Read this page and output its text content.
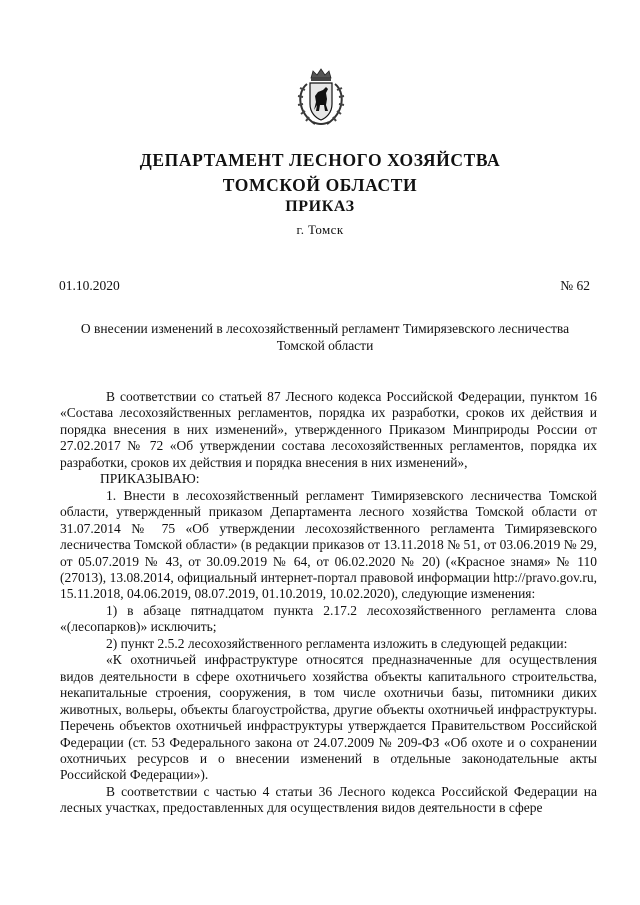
ДЕПАРТАМЕНТ ЛЕСНОГО ХОЗЯЙСТВА
ТОМСКОЙ ОБЛАСТИ
ПРИКАЗ
г. Томск
01.10.2020	№ 62
О внесении изменений в лесохозяйственный регламент Тимирязевского лесничества Томской области

В соответствии со статьей 87 Лесного кодекса Российской Федерации, пунктом 16 «Состава лесохозяйственных регламентов, порядка их разработки, сроков их действия и порядка внесения в них изменений», утвержденного Приказом Минприроды России от 27.02.2017 № 72 «Об утверждении состава лесохозяйственных регламентов, порядка их разработки, сроков их действия и порядка внесения в них изменений»,

ПРИКАЗЫВАЮ:

1. Внести в лесохозяйственный регламент Тимирязевского лесничества Томской области, утвержденный приказом Департамента лесного хозяйства Томской области от 31.07.2014 № 75 «Об утверждении лесохозяйственного регламента Тимирязевского лесничества Томской области» (в редакции приказов от 13.11.2018 № 51, от 03.06.2019 № 29, от 05.07.2019 № 43, от 30.09.2019 № 64, от 06.02.2020 № 20) («Красное знамя» № 110 (27013), 13.08.2014, официальный интернет-портал правовой информации http://pravo.gov.ru, 15.11.2018, 04.06.2019, 08.07.2019, 01.10.2019, 10.02.2020), следующие изменения:

1) в абзаце пятнадцатом пункта 2.17.2 лесохозяйственного регламента слова «(лесопарков)» исключить;

2) пункт 2.5.2 лесохозяйственного регламента изложить в следующей редакции:

«К охотничьей инфраструктуре относятся предназначенные для осуществления видов деятельности в сфере охотничьего хозяйства объекты капитального строительства, некапитальные строения, сооружения, в том числе охотничьи базы, питомники диких животных, вольеры, объекты благоустройства, другие объекты охотничьей инфраструктуры. Перечень объектов охотничьей инфраструктуры утверждается Правительством Российской Федерации (ст. 53 Федерального закона от 24.07.2009 № 209-ФЗ «Об охоте и о сохранении охотничьих ресурсов и о внесении изменений в отдельные законодательные акты Российской Федерации»).

В соответствии с частью 4 статьи 36 Лесного кодекса Российской Федерации на лесных участках, предоставленных для осуществления видов деятельности в сфере
